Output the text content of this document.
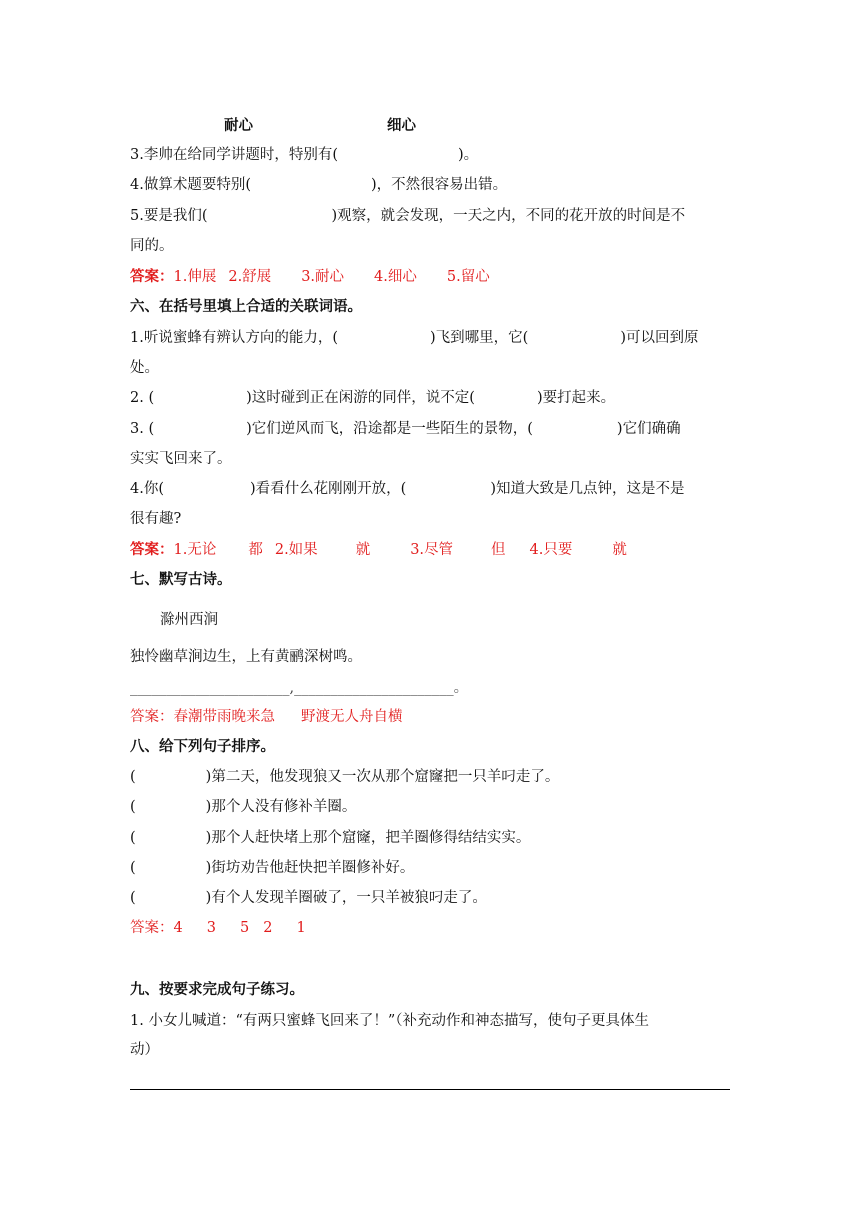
耐心	细心
3.李帅在给同学讲题时，特别有(	)。
4.做算术题要特别(	)，不然很容易出错。
5.要是我们(	)观察，就会发现，一天之内，不同的花开放的时间是不
同的。
答案：1.伸展 2.舒展 3.耐心 4.细心 5.留心
六、在括号里填上合适的关联词语。
1.听说蜜蜂有辨认方向的能力，(	)飞到哪里，它(	)可以回到原
处。
2. (	)这时碰到正在闲游的同伴，说不定(	)要打起来。
3. (	)它们逆风而飞，沿途都是一些陌生的景物，(	)它们确确
实实飞回来了。
4.你(	)看看什么花刚刚开放，(	)知道大致是几点钟，这是不是
很有趣?
答案：1.无论 都 2.如果	就	3.尽管	但 4.只要	就
七、默写古诗。
滁州西涧
独怜幽草涧边生，上有黄鹂深树鸣。
______________________,______________________。
答案：春潮带雨晚来急 野渡无人舟自横
八、给下列句子排序。
(	)第二天，他发现狼又一次从那个窟窿把一只羊叼走了。
(	)那个人没有修补羊圈。
(	)那个人赶快堵上那个窟窿，把羊圈修得结结实实。
(	)街坊劝告他赶快把羊圈修补好。
(	)有个人发现羊圈破了，一只羊被狼叼走了。
答案：4 3 5 2 1
九、按要求完成句子练习。
1. 小女儿喊道：“有两只蜜蜂飞回来了！”（补充动作和神态描写，使句子更具体生
动）
